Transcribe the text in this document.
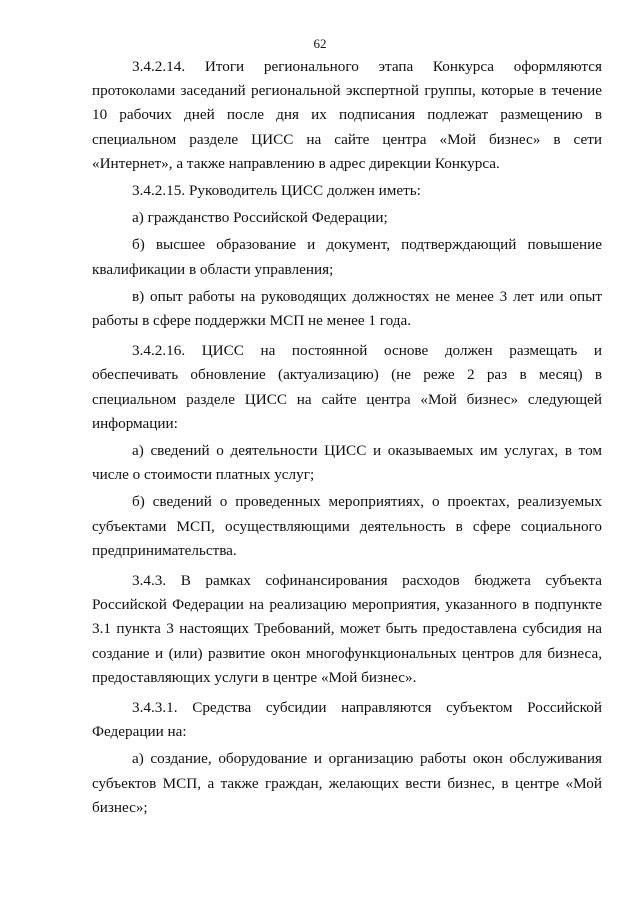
62

3.4.2.14. Итоги регионального этапа Конкурса оформляются протоколами заседаний региональной экспертной группы, которые в течение 10 рабочих дней после дня их подписания подлежат размещению в специальном разделе ЦИСС на сайте центра «Мой бизнес» в сети «Интернет», а также направлению в адрес дирекции Конкурса.

3.4.2.15. Руководитель ЦИСС должен иметь:

а) гражданство Российской Федерации;

б) высшее образование и документ, подтверждающий повышение квалификации в области управления;

в) опыт работы на руководящих должностях не менее 3 лет или опыт работы в сфере поддержки МСП не менее 1 года.

3.4.2.16. ЦИСС на постоянной основе должен размещать и обеспечивать обновление (актуализацию) (не реже 2 раз в месяц) в специальном разделе ЦИСС на сайте центра «Мой бизнес» следующей информации:

а) сведений о деятельности ЦИСС и оказываемых им услугах, в том числе о стоимости платных услуг;

б) сведений о проведенных мероприятиях, о проектах, реализуемых субъектами МСП, осуществляющими деятельность в сфере социального предпринимательства.

3.4.3. В рамках софинансирования расходов бюджета субъекта Российской Федерации на реализацию мероприятия, указанного в подпункте 3.1 пункта 3 настоящих Требований, может быть предоставлена субсидия на создание и (или) развитие окон многофункциональных центров для бизнеса, предоставляющих услуги в центре «Мой бизнес».

3.4.3.1. Средства субсидии направляются субъектом Российской Федерации на:

а) создание, оборудование и организацию работы окон обслуживания субъектов МСП, а также граждан, желающих вести бизнес, в центре «Мой бизнес»;
